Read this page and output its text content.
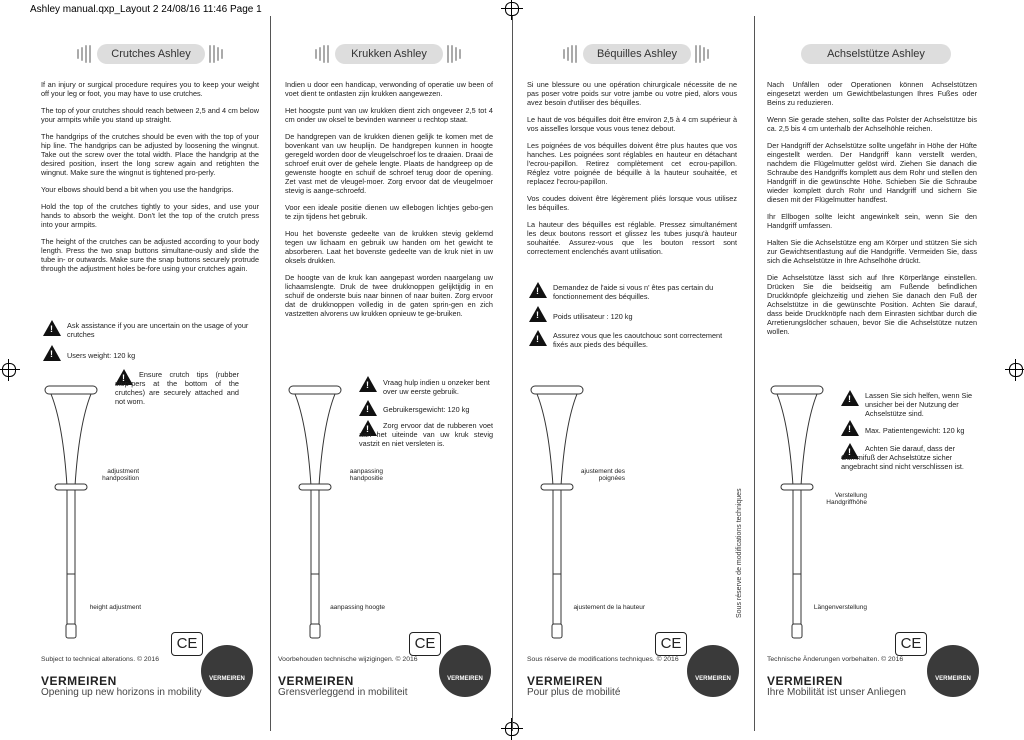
Ashley manual.qxp_Layout 2 24/08/16 11:46 Page 1
Sous réserve de modifications techniques
Crutches Ashley

If an injury or surgical procedure requires you to keep your weight off your leg or foot, you may have to use crutches.

The top of your crutches should reach between 2,5 and 4 cm below your armpits while you stand up straight.

The handgrips of the crutches should be even with the top of your hip line. The handgrips can be adjusted by loosening the wingnut. Take out the screw over the total width. Place the handgrip at the desired position, insert the long screw again and retighten the wingnut. Make sure the wingnut is tightened pro-perly.

Your elbows should bend a bit when you use the handgrips.

Hold the top of the crutches tightly to your sides, and use your hands to absorb the weight. Don't let the top of the crutch press into your armpits.

The height of the crutches can be adjusted according to your body length. Press the two snap buttons simultane-ously and slide the tube in- or outwards. Make sure the snap buttons securely protrude through the adjustment holes be-fore using your crutches again.

!
Ask assistance if you are uncertain on the usage of your crutches
!
Users weight: 120 kg
!
Ensure crutch tips (rubber stop-pers at the bottom of the crutches) are securely attached and not worn.
adjustment handposition
height adjustment
CE
Subject to technical alterations. © 2016
VERMEIREN
Opening up new horizons in mobility
VERMEIREN
Krukken Ashley

Indien u door een handicap, verwonding of operatie uw been of voet dient te ontlasten zijn krukken aangewezen.

Het hoogste punt van uw krukken dient zich ongeveer 2,5 tot 4 cm onder uw oksel te bevinden wanneer u rechtop staat.

De handgrepen van de krukken dienen gelijk te komen met de bovenkant van uw heuplijn. De handgrepen kunnen in hoogte geregeld worden door de vleugelschroef los te draaien. Draai de schroef eruit over de gehele lengte. Plaats de handgreep op de gewenste hoogte en schuif de schroef terug door de opening. Zet vast met de vleugel-moer. Zorg ervoor dat de vleugelmoer stevig is aange-schroefd.

Voor een ideale positie dienen uw ellebogen lichtjes gebo-gen te zijn tijdens het gebruik.

Hou het bovenste gedeelte van de krukken stevig geklemd tegen uw lichaam en gebruik uw handen om het gewicht te absorberen. Laat het bovenste gedeelte van de kruk niet in uw oksels drukken.

De hoogte van de kruk kan aangepast worden naargelang uw lichaamslengte. Druk de twee drukknoppen gelijktijdig in en schuif de onderste buis naar binnen of naar buiten. Zorg ervoor dat de drukknoppen volledig in de gaten sprin-gen en zich vastzetten alvorens uw krukken opnieuw te ge-bruiken.

!
Vraag hulp indien u onzeker bent over uw eerste gebruik.
!
Gebruikersgewicht: 120 kg
!
Zorg ervoor dat de rubberen voet aan het uiteinde van uw kruk stevig vastzit en niet versleten is.
aanpassing handpositie
aanpassing hoogte
CE
Voorbehouden technische wijzigingen. © 2016
VERMEIREN
Grensverleggend in mobiliteit
VERMEIREN
Béquilles Ashley

Si une blessure ou une opération chirurgicale nécessite de ne pas poser votre poids sur votre jambe ou votre pied, alors vous avez besoin d'utiliser des béquilles.

Le haut de vos béquilles doit être environ 2,5 à 4 cm supérieur à vos aisselles lorsque vous vous tenez debout.

Les poignées de vos béquilles doivent être plus hautes que vos hanches. Les poignées sont réglables en hauteur en détachant l'ecrou-papillon. Retirez complètement cet ecrou-papillon. Réglez votre poignée de béquille à la hauteur souhaitée, et replacez l'ecrou-papillon.

Vos coudes doivent être légèrement pliés lorsque vous utilisez les béquilles.

La hauteur des béquilles est réglable. Pressez simultanément les deux boutons ressort et glissez les tubes jusqu'à hauteur souhaitée. Assurez-vous que les bouton ressort sont correctement enclenchés avant utilisation.

!
Demandez de l'aide si vous n' êtes pas certain du fonctionnement des béquilles.
!
Poids utilisateur : 120 kg
!
Assurez vous que les caoutchouc sont correctement fixés aux pieds des béquilles.
ajustement des poignées
ajustement de la hauteur
CE
Sous réserve de modifications techniques. © 2016
VERMEIREN
Pour plus de mobilité
VERMEIREN
Achselstütze Ashley

Nach Unfällen oder Operationen können Achselstützen eingesetzt werden um Gewichtbelastungen Ihres Fußes oder Beins zu reduzieren.

Wenn Sie gerade stehen, sollte das Polster der Achselstütze bis ca. 2,5 bis 4 cm unterhalb der Achselhöhle reichen.

Der Handgriff der Achselstütze sollte ungefähr in Höhe der Hüfte eingestellt werden. Der Handgriff kann verstellt werden, nachdem die Flügelmutter gelöst wird. Ziehen Sie danach die Schraube des Handgriffs komplett aus dem Rohr und stellen den Handgriff in die gewünschte Höhe. Schieben Sie die Schraube wieder komplett durch Rohr und Handgriff und sichern Sie diesen mit der Flügelmutter handfest.

Ihr Ellbogen sollte leicht angewinkelt sein, wenn Sie den Handgriff umfassen.

Halten Sie die Achselstütze eng am Körper und stützen Sie sich zur Gewichtsentlastung auf die Handgriffe. Vermeiden Sie, dass sich die Achselstütze in Ihre Achselhöhe drückt.

Die Achselstütze lässt sich auf Ihre Körperlänge einstellen. Drücken Sie die beidseitig am Fußende befindlichen Druckknöpfe gleichzeitig und ziehen Sie danach den Fuß der Achselstütze in die gewünschte Position. Achten Sie darauf, dass beide Druckknöpfe nach dem Einrasten sichtbar durch die Arretierungslöcher schauen, bevor Sie die Achselstütze nutzen wollen.

!
Lassen Sie sich helfen, wenn Sie unsicher bei der Nutzung der Achselstütze sind.
!
Max. Patientengewicht: 120 kg
!
Achten Sie darauf, dass der Gummifuß der Achselstütze sicher angebracht sind nicht verschlissen ist.
Verstellung Handgriffhöhe
Längenverstellung
CE
Technische Änderungen vorbehalten. © 2016
VERMEIREN
Ihre Mobilität ist unser Anliegen
VERMEIREN
